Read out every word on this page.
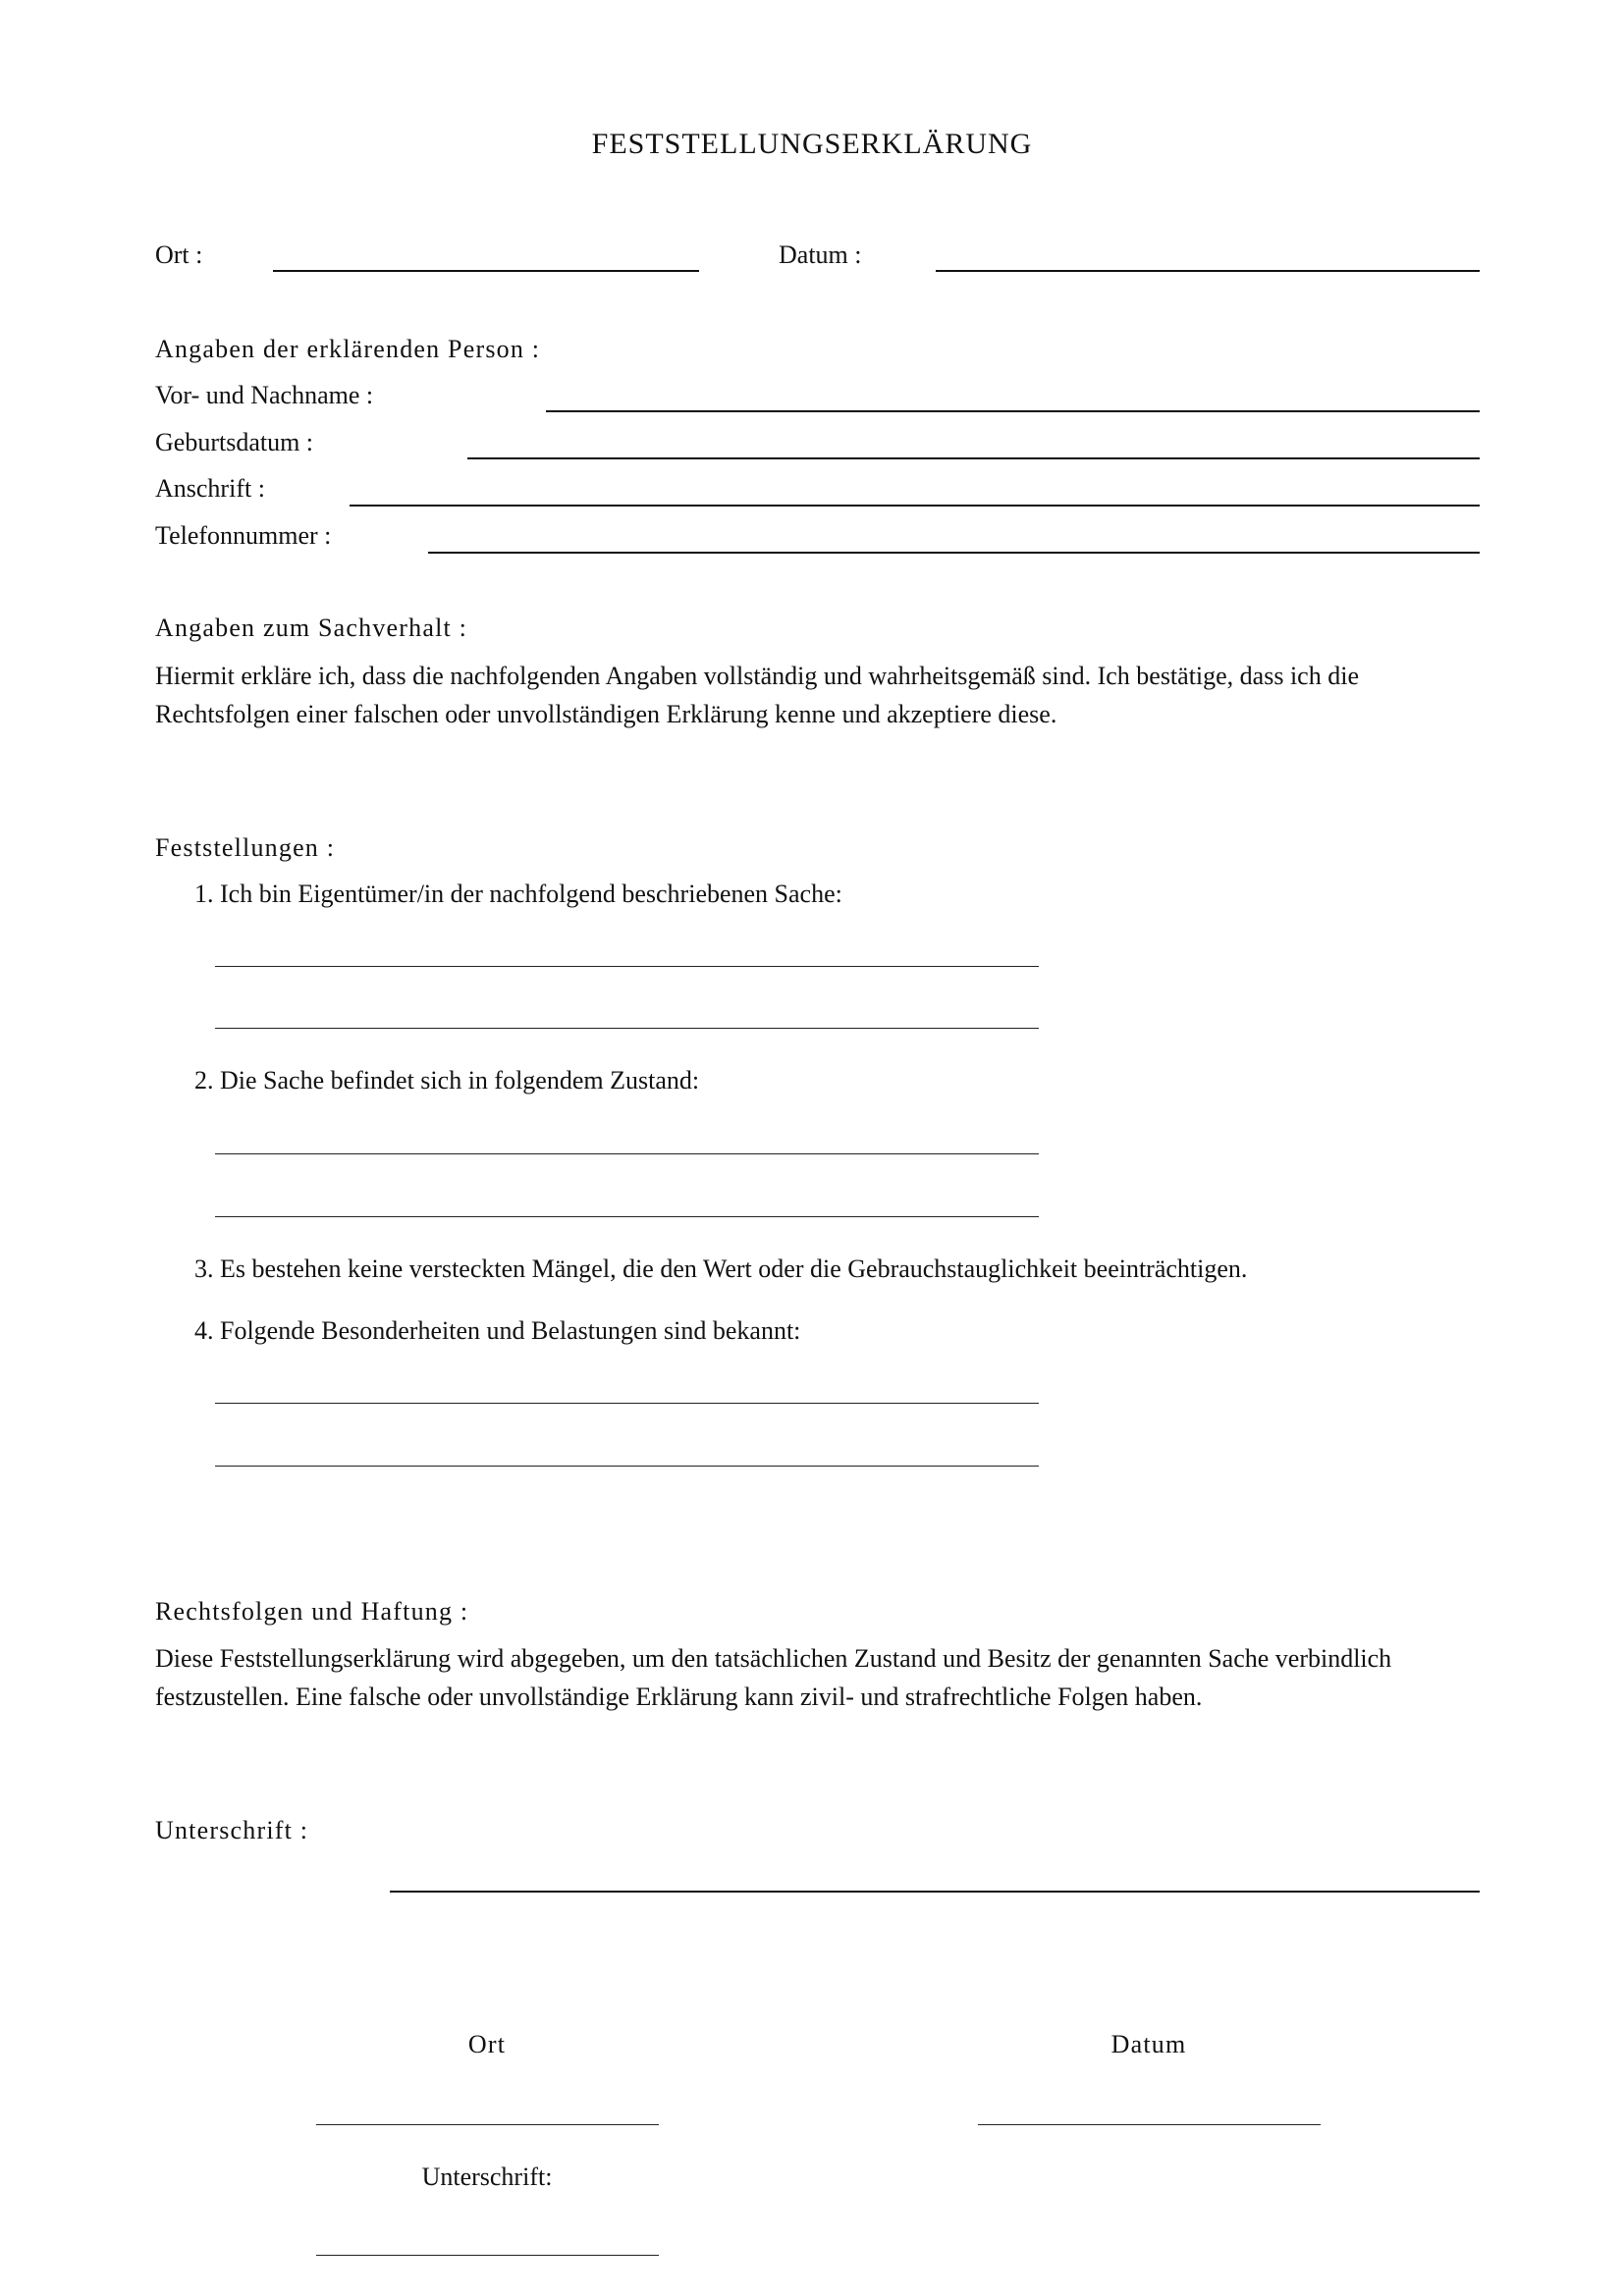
FESTSTELLUNGSERKLÄRUNG
Ort :	Datum :
Angaben der erklärenden Person :
Vor- und Nachname :
Geburtsdatum :
Anschrift :
Telefonnummer :
Angaben zum Sachverhalt :
Hiermit erkläre ich, dass die nachfolgenden Angaben vollständig und wahrheitsgemäß sind. Ich bestätige, dass ich die Rechtsfolgen einer falschen oder unvollständigen Erklärung kenne und akzeptiere diese.
Feststellungen :
1. Ich bin Eigentümer/in der nachfolgend beschriebenen Sache:
2. Die Sache befindet sich in folgendem Zustand:
3. Es bestehen keine versteckten Mängel, die den Wert oder die Gebrauchstauglichkeit beeinträchtigen.
4. Folgende Besonderheiten und Belastungen sind bekannt:
Rechtsfolgen und Haftung :
Diese Feststellungserklärung wird abgegeben, um den tatsächlichen Zustand und Besitz der genannten Sache verbindlich festzustellen. Eine falsche oder unvollständige Erklärung kann zivil- und strafrechtliche Folgen haben.
Unterschrift :
Ort	Datum
Unterschrift:
